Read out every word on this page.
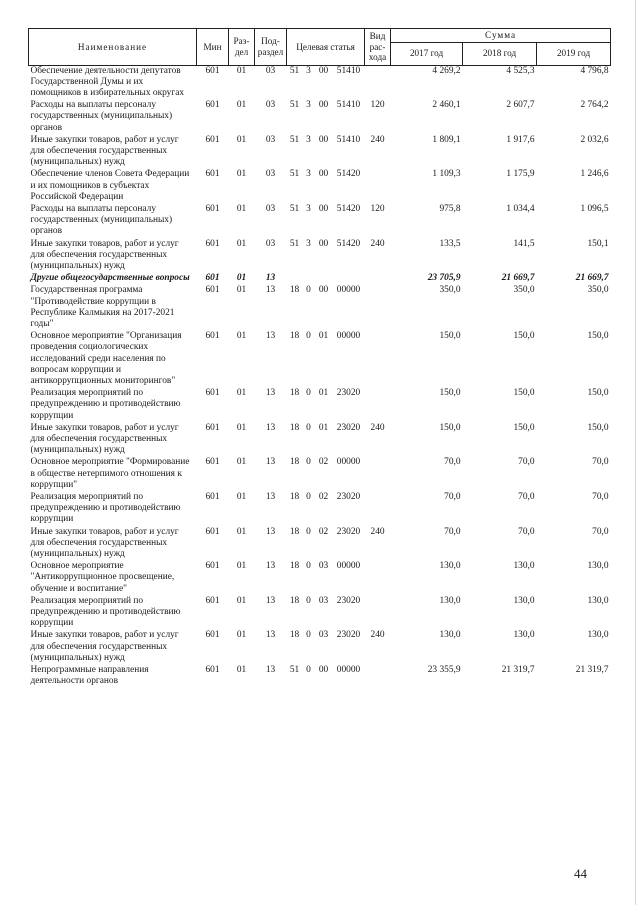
Наименование	Мин	Раз-дел	Под-раздел	Целевая статья				Вид рас-хода	Сумма		
									2017 год	2018 год	2019 год
Обеспечение деятельности депутатов Государственной Думы и их помощников в избирательных округах	601	01	03	51	3	00	51410		4 269,2	4 525,3	4 796,8
Расходы на выплаты персоналу государственных (муниципальных) органов	601	01	03	51	3	00	51410	120	2 460,1	2 607,7	2 764,2
Иные закупки товаров, работ и услуг для обеспечения государственных (муниципальных) нужд	601	01	03	51	3	00	51410	240	1 809,1	1 917,6	2 032,6
Обеспечение членов Совета Федерации и их помощников в субъектах Российской Федерации	601	01	03	51	3	00	51420		1 109,3	1 175,9	1 246,6
Расходы на выплаты персоналу государственных (муниципальных) органов	601	01	03	51	3	00	51420	120	975,8	1 034,4	1 096,5
Иные закупки товаров, работ и услуг для обеспечения государственных (муниципальных) нужд	601	01	03	51	3	00	51420	240	133,5	141,5	150,1
Другие общегосударственные вопросы	601	01	13						23 705,9	21 669,7	21 669,7
Государственная программа "Противодействие коррупции в Республике Калмыкия на 2017-2021 годы"	601	01	13	18	0	00	00000		350,0	350,0	350,0
Основное мероприятие "Организация проведения социологических исследований среди населения по вопросам коррупции и антикоррупционных мониторингов"	601	01	13	18	0	01	00000		150,0	150,0	150,0
Реализация мероприятий по предупреждению и противодействию коррупции	601	01	13	18	0	01	23020		150,0	150,0	150,0
Иные закупки товаров, работ и услуг для обеспечения государственных (муниципальных) нужд	601	01	13	18	0	01	23020	240	150,0	150,0	150,0
Основное мероприятие "Формирование в обществе нетерпимого отношения к коррупции"	601	01	13	18	0	02	00000		70,0	70,0	70,0
Реализация мероприятий по предупреждению и противодействию коррупции	601	01	13	18	0	02	23020		70,0	70,0	70,0
Иные закупки товаров, работ и услуг для обеспечения государственных (муниципальных) нужд	601	01	13	18	0	02	23020	240	70,0	70,0	70,0
Основное мероприятие "Антикоррупционное просвещение, обучение и воспитание"	601	01	13	18	0	03	00000		130,0	130,0	130,0
Реализация мероприятий по предупреждению и противодействию коррупции	601	01	13	18	0	03	23020		130,0	130,0	130,0
Иные закупки товаров, работ и услуг для обеспечения государственных (муниципальных) нужд	601	01	13	18	0	03	23020	240	130,0	130,0	130,0
Непрограммные направления деятельности органов	601	01	13	51	0	00	00000		23 355,9	21 319,7	21 319,7
44
